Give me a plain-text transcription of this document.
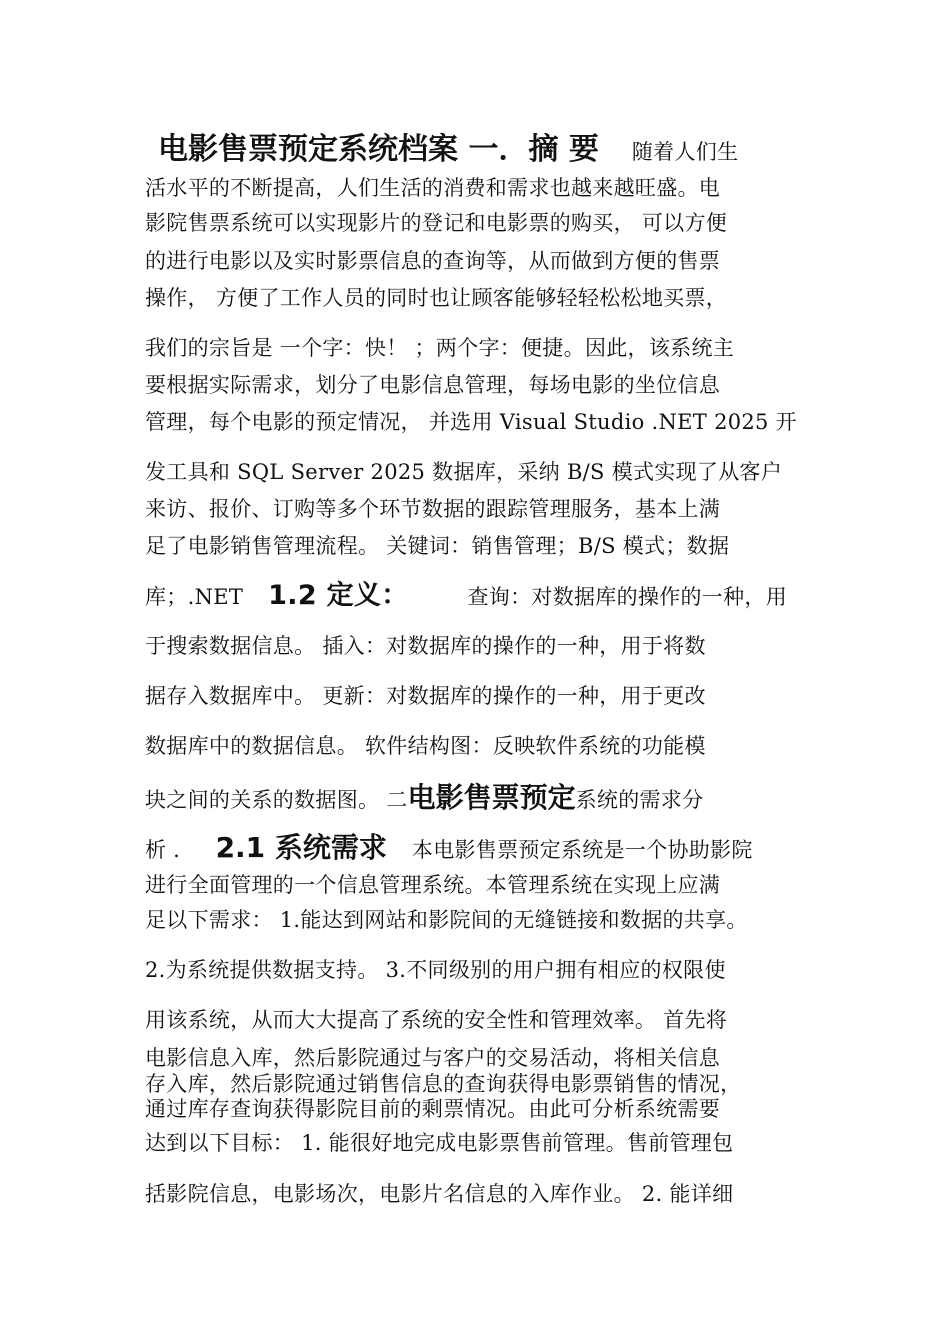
电影售票预定系统档案 一．摘 要 随着人们生
活水平的不断提高，人们生活的消费和需求也越来越旺盛。电
影院售票系统可以实现影片的登记和电影票的购买， 可以方便
的进行电影以及实时影票信息的查询等，从而做到方便的售票
操作， 方便了工作人员的同时也让顾客能够轻轻松松地买票，
我们的宗旨是 一个字：快！ ；两个字：便捷。因此，该系统主
要根据实际需求，划分了电影信息管理，每场电影的坐位信息
管理，每个电影的预定情况， 并选用 Visual Studio .NET 2025 开
发工具和 SQL Server 2025 数据库，采纳 B/S 模式实现了从客户
来访、报价、订购等多个环节数据的跟踪管理服务，基本上满
足了电影销售管理流程。 关键词：销售管理；B/S 模式；数据
库；.NET 1.2 定义：	查询：对数据库的操作的一种，用
于搜索数据信息。 插入：对数据库的操作的一种，用于将数
据存入数据库中。 更新：对数据库的操作的一种，用于更改
数据库中的数据信息。 软件结构图：反映软件系统的功能模
块之间的关系的数据图。 二电影售票预定系统的需求分
析 ． 2.1 系统需求 本电影售票预定系统是一个协助影院
进行全面管理的一个信息管理系统。本管理系统在实现上应满
足以下需求： 1.能达到网站和影院间的无缝链接和数据的共享。
2.为系统提供数据支持。 3.不同级别的用户拥有相应的权限使
用该系统，从而大大提高了系统的安全性和管理效率。 首先将
电影信息入库，然后影院通过与客户的交易活动，将相关信息
存入库，然后影院通过销售信息的查询获得电影票销售的情况，
通过库存查询获得影院目前的剩票情况。由此可分析系统需要
达到以下目标： 1. 能很好地完成电影票售前管理。售前管理包
括影院信息，电影场次，电影片名信息的入库作业。 2. 能详细
